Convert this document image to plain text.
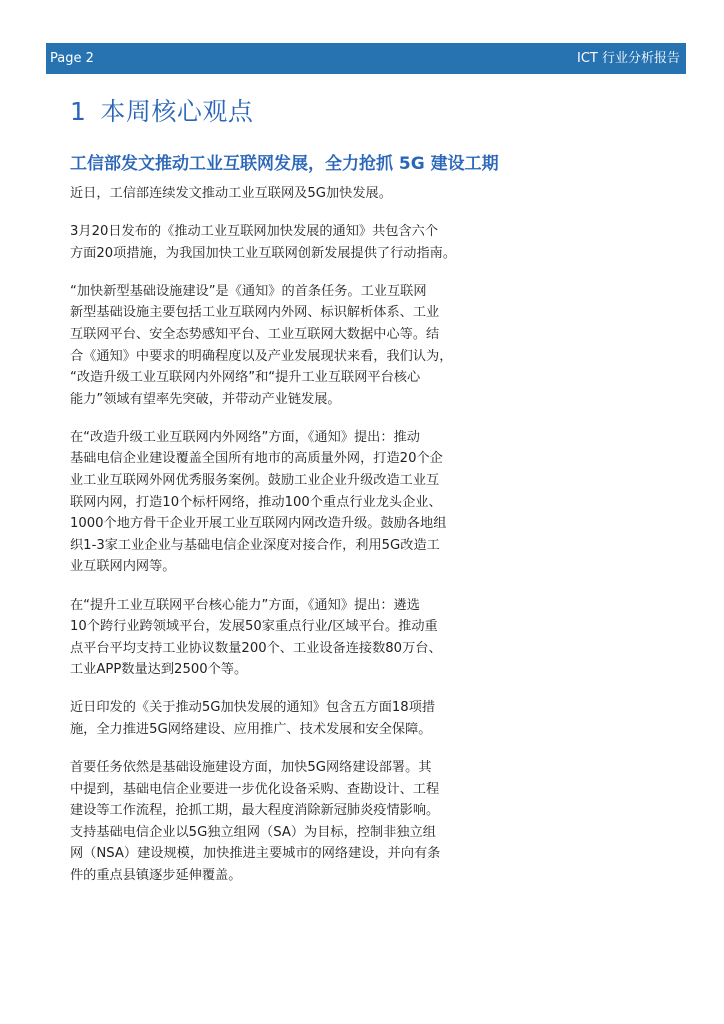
Page 2	ICT 行业分析报告
1 本周核心观点
工信部发文推动工业互联网发展，全力抢抓 5G 建设工期

近日，工信部连续发文推动工业互联网及5G加快发展。

3月20日发布的《推动工业互联网加快发展的通知》共包含六个
方面20项措施，为我国加快工业互联网创新发展提供了行动指南。

“加快新型基础设施建设”是《通知》的首条任务。工业互联网
新型基础设施主要包括工业互联网内外网、标识解析体系、工业
互联网平台、安全态势感知平台、工业互联网大数据中心等。结
合《通知》中要求的明确程度以及产业发展现状来看，我们认为，
“改造升级工业互联网内外网络”和“提升工业互联网平台核心
能力”领域有望率先突破，并带动产业链发展。

在“改造升级工业互联网内外网络”方面，《通知》提出：推动
基础电信企业建设覆盖全国所有地市的高质量外网，打造20个企
业工业互联网外网优秀服务案例。鼓励工业企业升级改造工业互
联网内网，打造10个标杆网络，推动100个重点行业龙头企业、
1000个地方骨干企业开展工业互联网内网改造升级。鼓励各地组
织1-3家工业企业与基础电信企业深度对接合作，利用5G改造工
业互联网内网等。

在“提升工业互联网平台核心能力”方面，《通知》提出：遴选
10个跨行业跨领域平台，发展50家重点行业/区域平台。推动重
点平台平均支持工业协议数量200个、工业设备连接数80万台、
工业APP数量达到2500个等。

近日印发的《关于推动5G加快发展的通知》包含五方面18项措
施，全力推进5G网络建设、应用推广、技术发展和安全保障。

首要任务依然是基础设施建设方面，加快5G网络建设部署。其
中提到，基础电信企业要进一步优化设备采购、查勘设计、工程
建设等工作流程，抢抓工期，最大程度消除新冠肺炎疫情影响。
支持基础电信企业以5G独立组网（SA）为目标，控制非独立组
网（NSA）建设规模，加快推进主要城市的网络建设，并向有条
件的重点县镇逐步延伸覆盖。
